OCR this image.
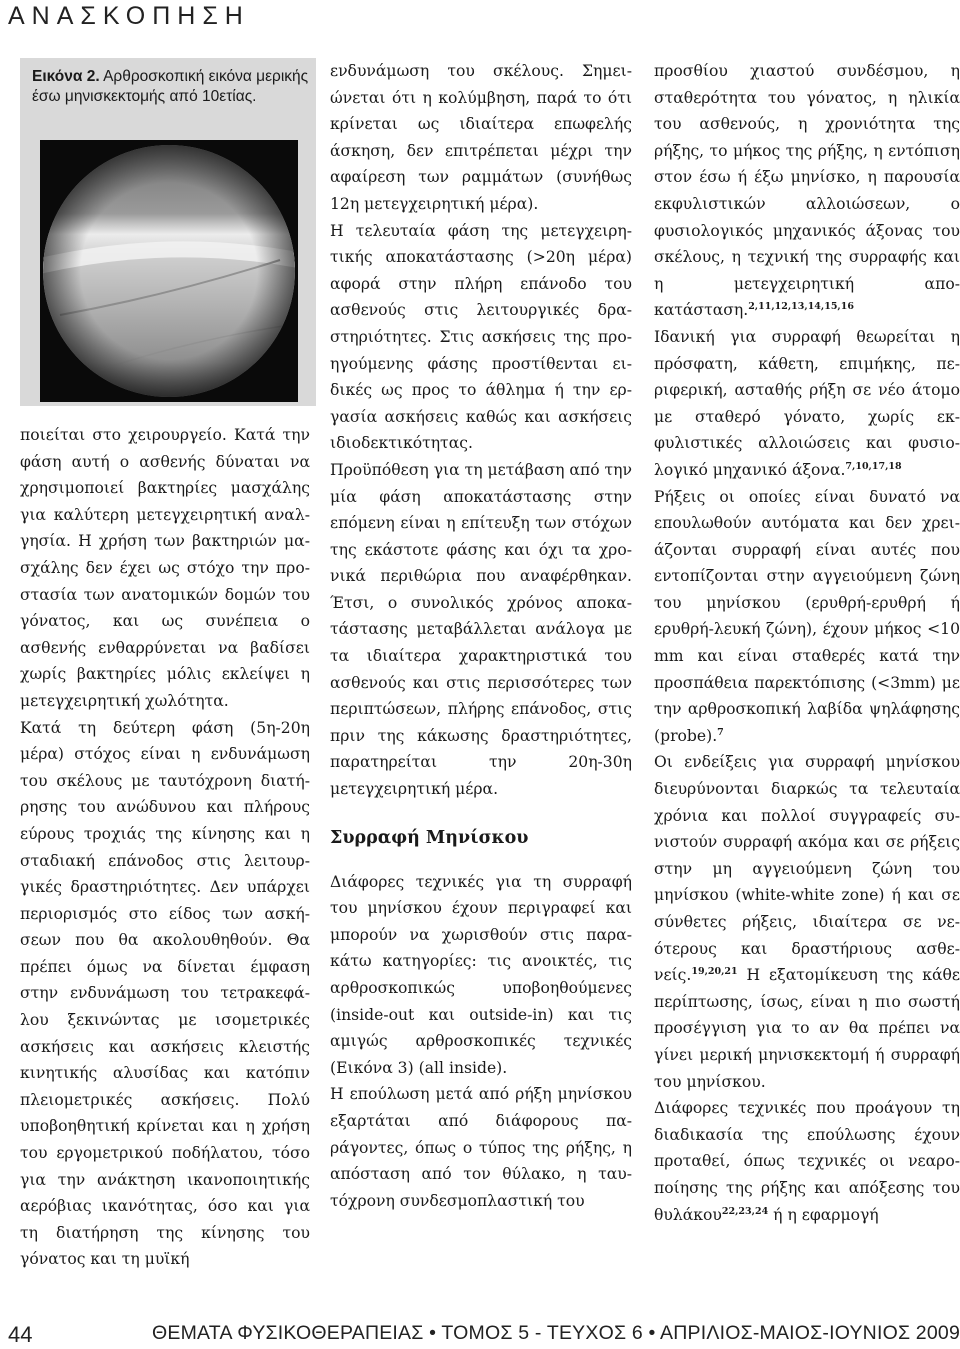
ΑΝΑΣΚΟΠΗΣΗ
Εικόνα 2. Αρθροσκοπική εικόνα μερικής έσω μηνισκεκτομής από 10ετίας.

ποιείται στο χειρουργείο. Κατά την φάση αυτή ο ασθενής δύναται να χρησιμοποιεί βακτηρίες μασχάλης για καλύτερη μετεγχειρητική αναλγησία. Η χρήση των βακτηριών μασχάλης δεν έχει ως στόχο την προστασία των ανατομικών δομών του γόνατος, και ως συνέπεια ο ασθενής ενθαρρύνεται να βαδίσει χωρίς βακτηρίες μόλις εκλείψει η μετεγχειρητική χωλότητα.

Κατά τη δεύτερη φάση (5η-20η μέρα) στόχος είναι η ενδυνάμωση του σκέλους με ταυτόχρονη διατήρησης του ανώδυνου και πλήρους εύρους τροχιάς της κίνησης και η σταδιακή επάνοδος στις λειτουργικές δραστηριότητες. Δεν υπάρχει περιορισμός στο είδος των ασκήσεων που θα ακολουθηθούν. Θα πρέπει όμως να δίνεται έμφαση στην ενδυνάμωση του τετρακεφάλου ξεκινώντας με ισομετρικές ασκήσεις και ασκήσεις κλειστής κινητικής αλυσίδας και κατόπιν πλειομετρικές ασκήσεις. Πολύ υποβοηθητική κρίνεται και η χρήση του εργομετρικού ποδήλατου, τόσο για την ανάκτηση ικανοποιητικής αερόβιας ικανότητας, όσο και για τη διατήρηση της κίνησης του γόνατος και τη μυϊκή

ενδυνάμωση του σκέλους. Σημειώνεται ότι η κολύμβηση, παρά το ότι κρίνεται ως ιδιαίτερα επωφελής άσκηση, δεν επιτρέπεται μέχρι την αφαίρεση των ραμμάτων (συνήθως 12η μετεγχειρητική μέρα).

Η τελευταία φάση της μετεγχειρητικής αποκατάστασης (>20η μέρα) αφορά στην πλήρη επάνοδο του ασθενούς στις λειτουργικές δραστηριότητες. Στις ασκήσεις της προηγούμενης φάσης προστίθενται ειδικές ως προς το άθλημα ή την εργασία ασκήσεις καθώς και ασκήσεις ιδιοδεκτικότητας.

Προϋπόθεση για τη μετάβαση από την μία φάση αποκατάστασης στην επόμενη είναι η επίτευξη των στόχων της εκάστοτε φάσης και όχι τα χρονικά περιθώρια που αναφέρθηκαν. Έτσι, ο συνολικός χρόνος αποκατάστασης μεταβάλλεται ανάλογα με τα ιδιαίτερα χαρακτηριστικά του ασθενούς και στις περισσότερες των περιπτώσεων, πλήρης επάνοδος, στις πριν της κάκωσης δραστηριότητες, παρατηρείται την 20η-30η μετεγχειρητική μέρα.

Συρραφή Μηνίσκου

Διάφορες τεχνικές για τη συρραφή του μηνίσκου έχουν περιγραφεί και μπορούν να χωρισθούν στις παρακάτω κατηγορίες: τις ανοικτές, τις αρθροσκοπικώς υποβοηθούμενες (inside-out και outside-in) και τις αμιγώς αρθροσκοπικές τεχνικές (Εικόνα 3) (all inside).

Η επούλωση μετά από ρήξη μηνίσκου εξαρτάται από διάφορους παράγοντες, όπως ο τύπος της ρήξης, η απόσταση από τον θύλακο, η ταυτόχρονη συνδεσμοπλαστική του

προσθίου χιαστού συνδέσμου, η σταθερότητα του γόνατος, η ηλικία του ασθενούς, η χρονιότητα της ρήξης, το μήκος της ρήξης, η εντόπιση στον έσω ή έξω μηνίσκο, η παρουσία εκφυλιστικών αλλοιώσεων, ο φυσιολογικός μηχανικός άξονας του σκέλους, η τεχνική της συρραφής και η μετεγχειρητική αποκατάσταση.$^{2,11,12,13,14,15,16}$

Ιδανική για συρραφή θεωρείται η πρόσφατη, κάθετη, επιμήκης, περιφερική, ασταθής ρήξη σε νέο άτομο με σταθερό γόνατο, χωρίς εκφυλιστικές αλλοιώσεις και φυσιολογικό μηχανικό άξονα.$^{7,10,17,18}$

Ρήξεις οι οποίες είναι δυνατό να επουλωθούν αυτόματα και δεν χρειάζονται συρραφή είναι αυτές που εντοπίζονται στην αγγειούμενη ζώνη του μηνίσκου (ερυθρή-ερυθρή ή ερυθρή-λευκή ζώνη), έχουν μήκος <10 mm και είναι σταθερές κατά την προσπάθεια παρεκτόπισης (<3mm) με την αρθροσκοπική λαβίδα ψηλάφησης (probe).$^7$

Οι ενδείξεις για συρραφή μηνίσκου διευρύνονται διαρκώς τα τελευταία χρόνια και πολλοί συγγραφείς συνιστούν συρραφή ακόμα και σε ρήξεις στην μη αγγειούμενη ζώνη του μηνίσκου (white-white zone) ή και σε σύνθετες ρήξεις, ιδιαίτερα σε νεότερους και δραστήριους ασθενείς.$^{19,20,21}$ Η εξατομίκευση της κάθε περίπτωσης, ίσως, είναι η πιο σωστή προσέγγιση για το αν θα πρέπει να γίνει μερική μηνισκεκτομή ή συρραφή του μηνίσκου.

Διάφορες τεχνικές που προάγουν τη διαδικασία της επούλωσης έχουν προταθεί, όπως τεχνικές οι νεαροποίησης της ρήξης και απόξεσης του θυλάκου$^{22,23,24}$ ή η εφαρμογή

44	ΘΕΜΑΤΑ ΦΥΣΙΚΟΘΕΡΑΠΕΙΑΣ • ΤΟΜΟΣ 5 - ΤΕΥΧΟΣ 6 • ΑΠΡΙΛΙΟΣ-ΜΑΙΟΣ-ΙΟΥΝΙΟΣ 2009
